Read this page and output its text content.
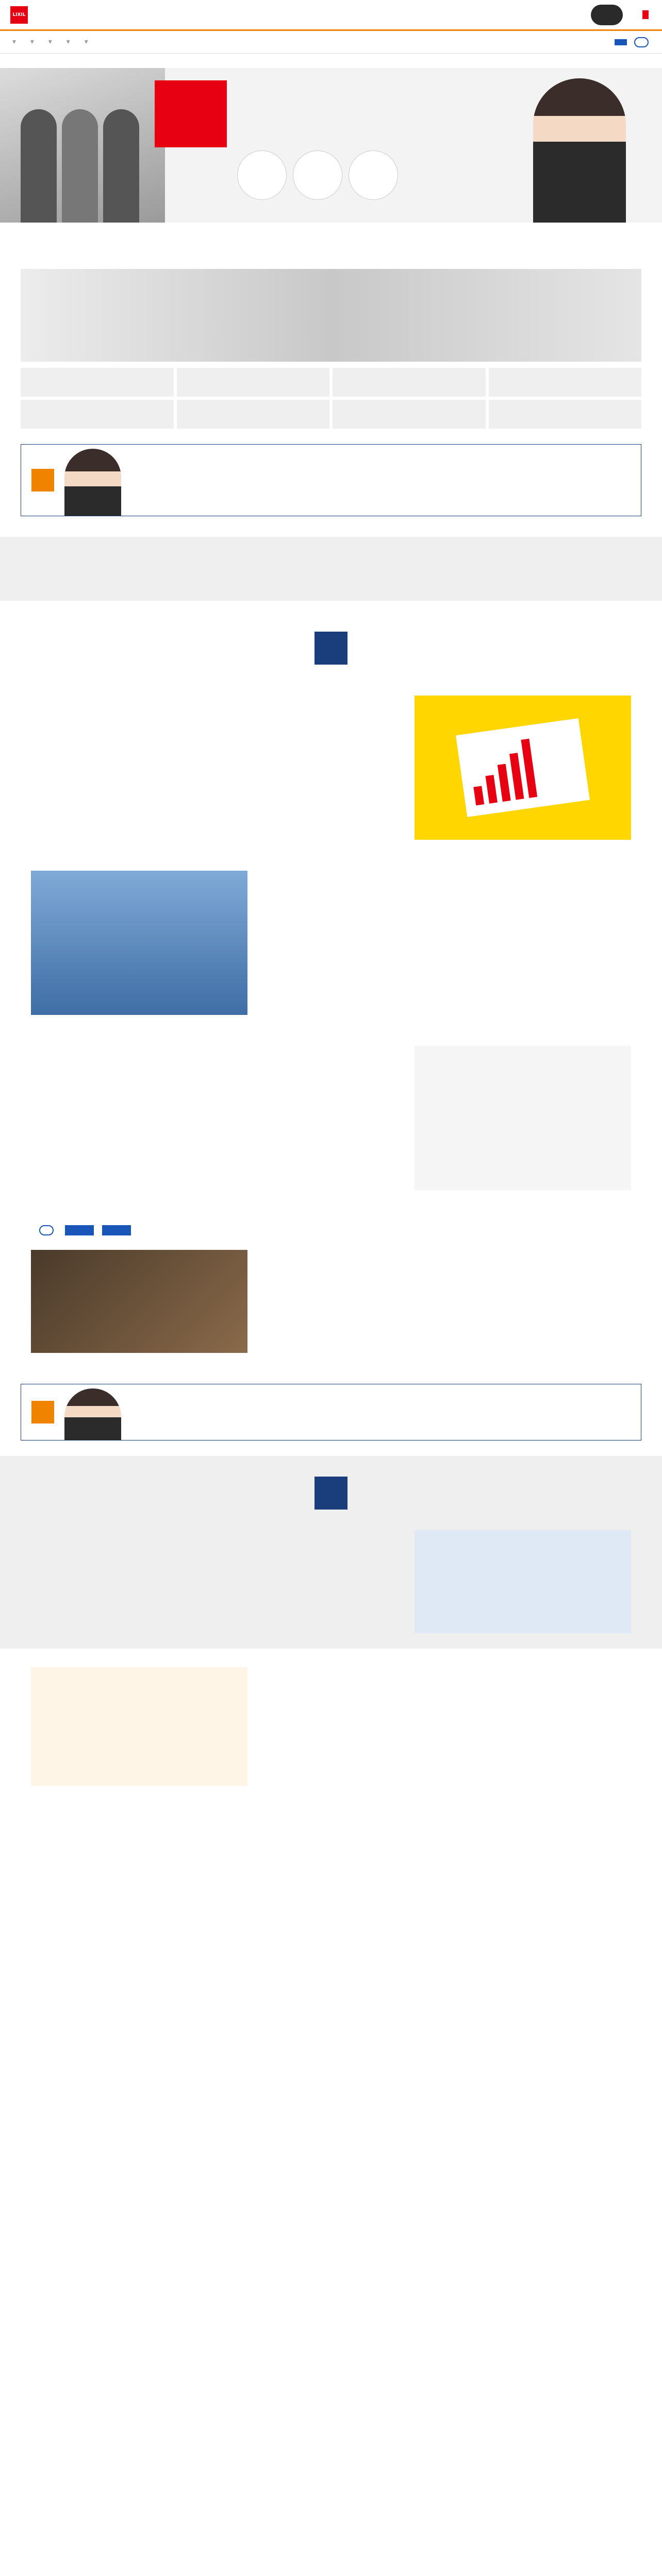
LIXIL

▼	▼	▼	▼	▼
